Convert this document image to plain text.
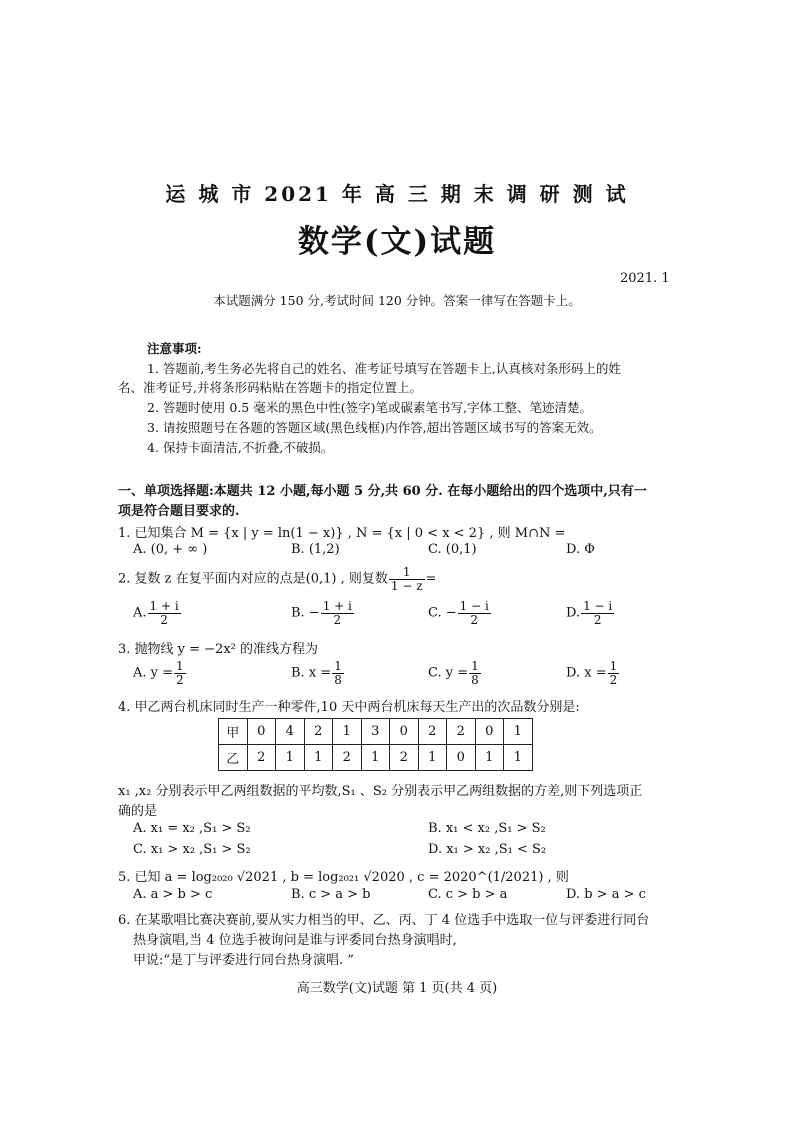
运 城 市 2021 年 高 三 期 末 调 研 测 试
数学(文)试题
2021. 1
本试题满分 150 分,考试时间 120 分钟。答案一律写在答题卡上。
注意事项:
1. 答题前,考生务必先将自己的姓名、准考证号填写在答题卡上,认真核对条形码上的姓
名、准考证号,并将条形码粘贴在答题卡的指定位置上。
2. 答题时使用 0.5 毫米的黑色中性(签字)笔或碳素笔书写,字体工整、笔迹清楚。
3. 请按照题号在各题的答题区域(黑色线框)内作答,超出答题区域书写的答案无效。
4. 保持卡面清洁,不折叠,不破损。
一、单项选择题:本题共 12 小题,每小题 5 分,共 60 分. 在每小题给出的四个选项中,只有一
项是符合题目要求的.
1. 已知集合 M = {x | y = ln(1 − x)} , N = {x | 0 < x < 2} , 则 M∩N =
A. (0, + ∞ )	B. (1,2)	C. (0,1)	D. Φ
2. 复数 z 在复平面内对应的点是(0,1) , 则复数 $\frac{1}{1 - z}$ =
A. $\frac{1 + i}{2}$	B. − $\frac{1 + i}{2}$	C. − $\frac{1 - i}{2}$	D. $\frac{1 - i}{2}$
3. 抛物线 y = −2x² 的准线方程为
A. $y = \frac{1}{2}$	B. $x = \frac{1}{8}$	C. $y = \frac{1}{8}$	D. $x = \frac{1}{2}$
4. 甲乙两台机床同时生产一种零件,10 天中两台机床每天生产出的次品数分别是:
甲	0	4	2	1	3	0	2	2	0	1
乙	2	1	1	2	1	2	1	0	1	1
x₁ ,x₂ 分别表示甲乙两组数据的平均数,S₁ 、S₂ 分别表示甲乙两组数据的方差,则下列选项正
确的是
A. x₁ = x₂ ,S₁ > S₂	B. x₁ < x₂ ,S₁ > S₂
C. x₁ > x₂ ,S₁ > S₂	D. x₁ > x₂ ,S₁ < S₂
5. 已知 a = log₂₀₂₀ √2021 , b = log₂₀₂₁ √2020 , c = 2020^(1/2021) , 则
A. a > b > c	B. c > a > b	C. c > b > a	D. b > a > c
6. 在某歌唱比赛决赛前,要从实力相当的甲、乙、丙、丁 4 位选手中选取一位与评委进行同台
热身演唱,当 4 位选手被询问是谁与评委同台热身演唱时,
甲说:“是丁与评委进行同台热身演唱. ”
高三数学(文)试题 第 1 页(共 4 页)
